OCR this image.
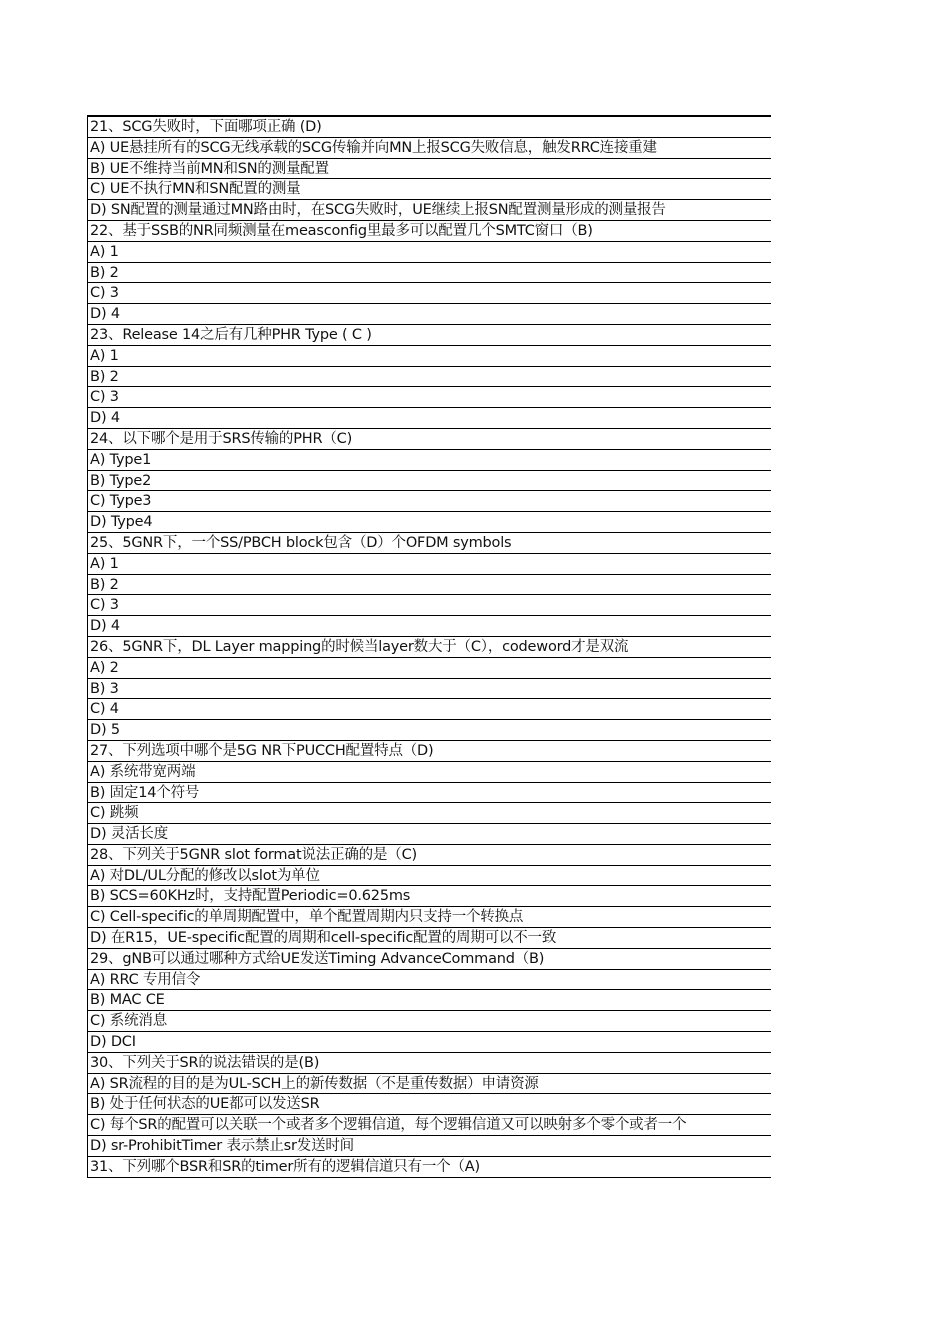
21、SCG失败时，下面哪项正确 (D)
A) UE悬挂所有的SCG无线承载的SCG传输并向MN上报SCG失败信息，触发RRC连接重建
B) UE不维持当前MN和SN的测量配置
C) UE不执行MN和SN配置的测量
D) SN配置的测量通过MN路由时，在SCG失败时，UE继续上报SN配置测量形成的测量报告
22、基于SSB的NR同频测量在measconfig里最多可以配置几个SMTC窗口（B)
A) 1
B) 2
C) 3
D) 4
23、Release 14之后有几种PHR Type ( C )
A) 1
B) 2
C) 3
D) 4
24、以下哪个是用于SRS传输的PHR（C)
A) Type1
B) Type2
C) Type3
D) Type4
25、5GNR下，一个SS/PBCH block包含（D）个OFDM symbols
A) 1
B) 2
C) 3
D) 4
26、5GNR下，DL Layer mapping的时候当layer数大于（C），codeword才是双流
A) 2
B) 3
C) 4
D) 5
27、下列选项中哪个是5G NR下PUCCH配置特点（D)
A) 系统带宽两端
B) 固定14个符号
C) 跳频
D) 灵活长度
28、下列关于5GNR slot format说法正确的是（C)
A) 对DL/UL分配的修改以slot为单位
B) SCS=60KHz时，支持配置Periodic=0.625ms
C) Cell-specific的单周期配置中，单个配置周期内只支持一个转换点
D) 在R15，UE-specific配置的周期和cell-specific配置的周期可以不一致
29、gNB可以通过哪种方式给UE发送Timing AdvanceCommand（B)
A) RRC 专用信令
B) MAC CE
C) 系统消息
D) DCI
30、下列关于SR的说法错误的是(B)
A) SR流程的目的是为UL-SCH上的新传数据（不是重传数据）申请资源
B) 处于任何状态的UE都可以发送SR
C) 每个SR的配置可以关联一个或者多个逻辑信道，每个逻辑信道又可以映射多个零个或者一个
D) sr-ProhibitTimer 表示禁止sr发送时间
31、下列哪个BSR和SR的timer所有的逻辑信道只有一个（A)
